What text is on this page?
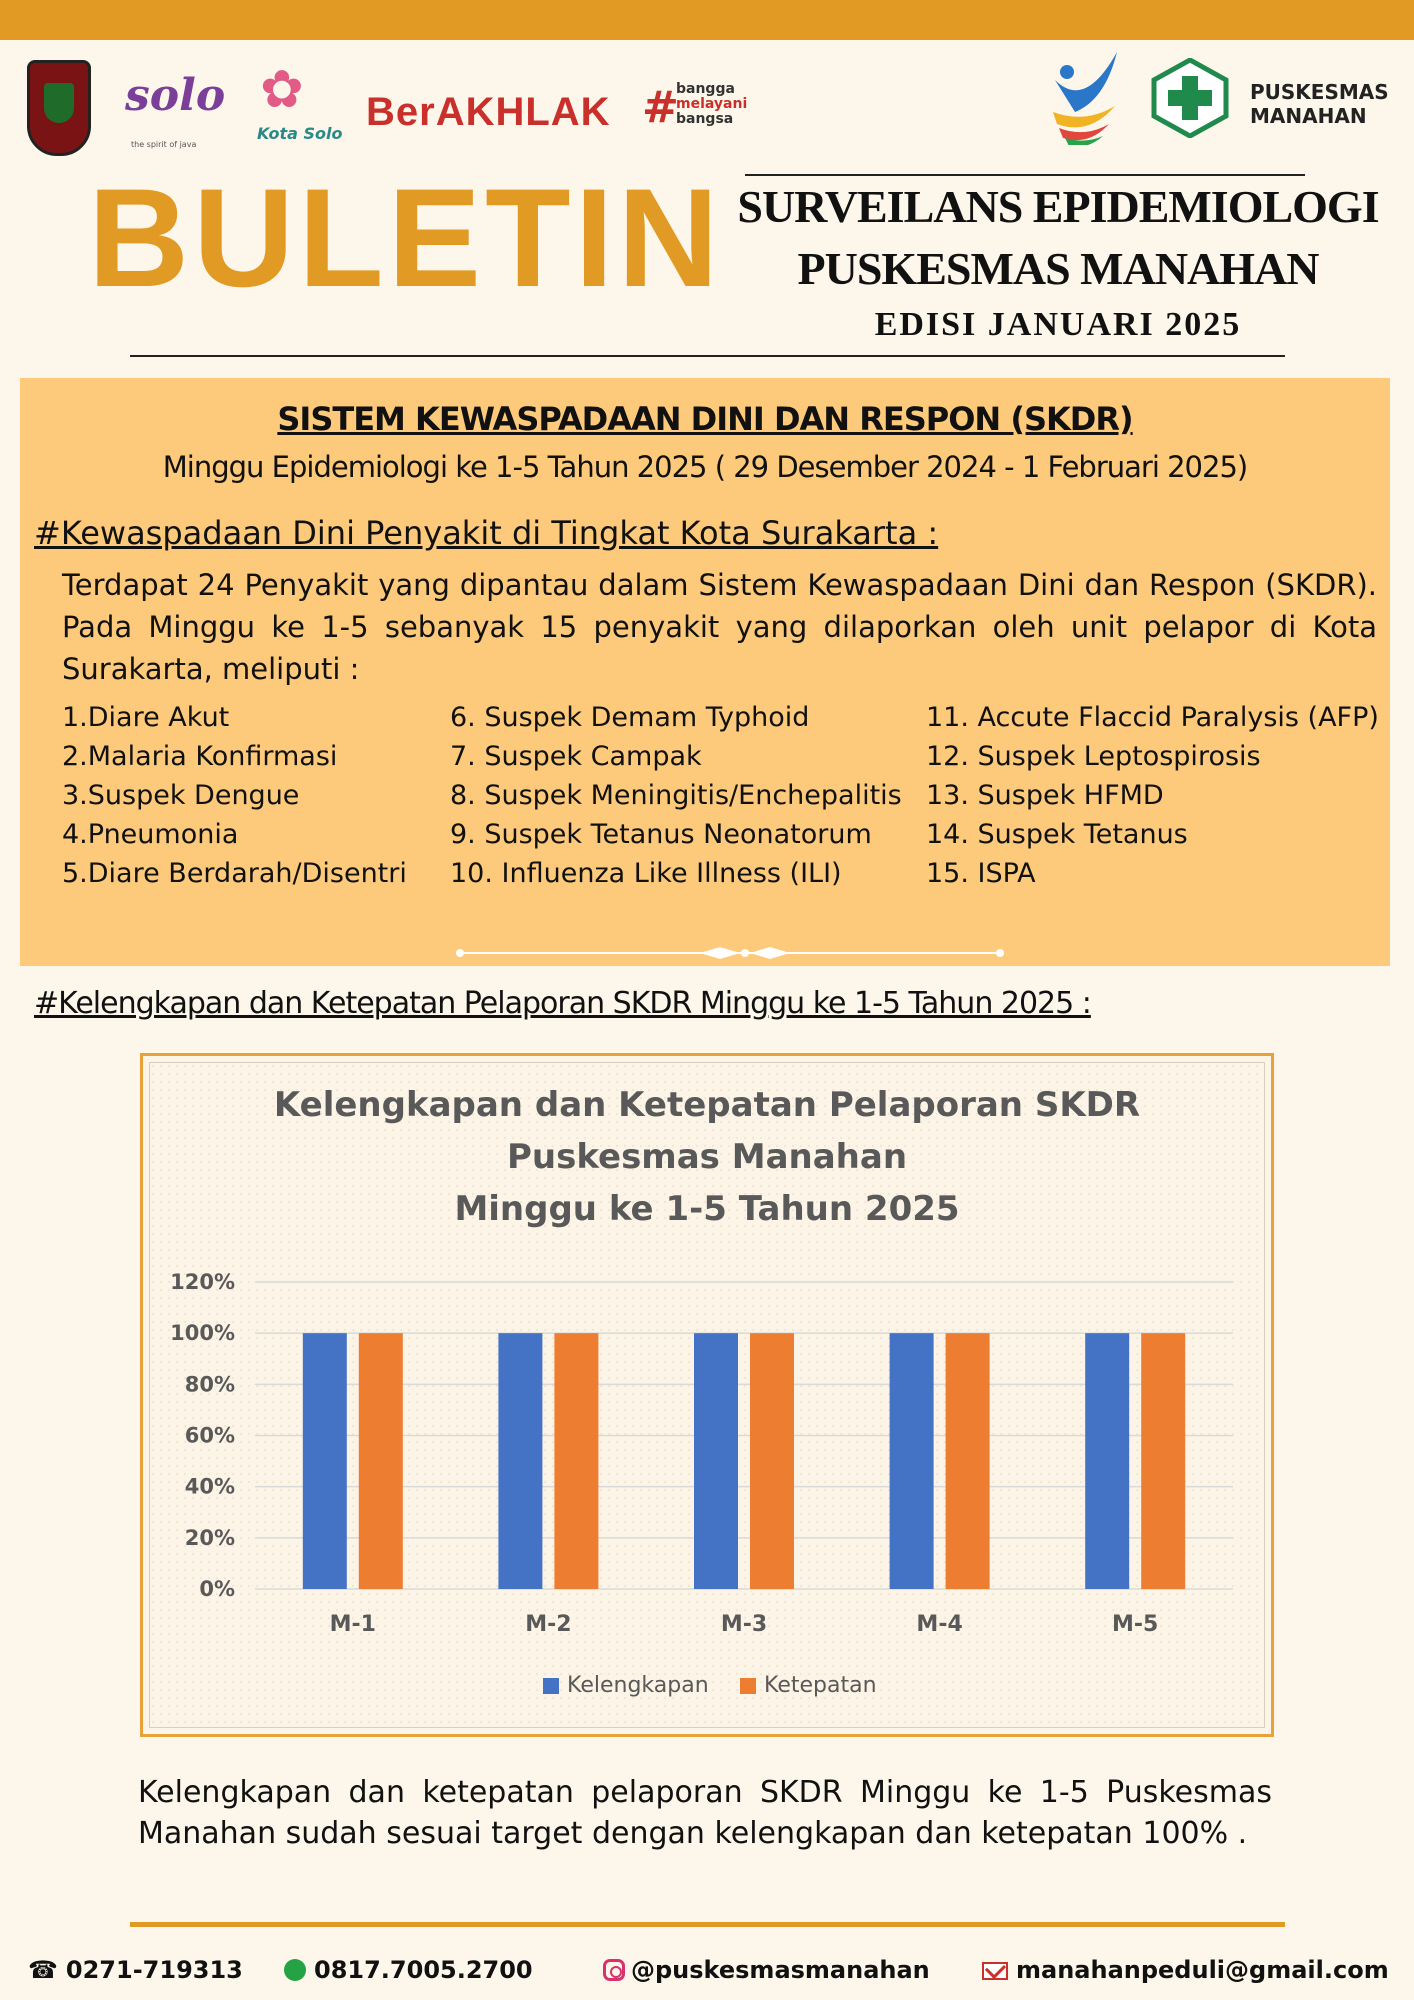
solo
the spirit of java
✿
Kota Solo BerAKHLAK #
bangga
melayani
bangsa
PUSKESMAS
MANAHAN
BULETIN SURVEILANS EPIDEMIOLOGI
PUSKESMAS MANAHAN
EDISI JANUARI 2025
SISTEM KEWASPADAAN DINI DAN RESPON (SKDR)
Minggu Epidemiologi ke 1-5 Tahun 2025 ( 29 Desember 2024 - 1 Februari 2025)
#Kewaspadaan Dini Penyakit di Tingkat Kota Surakarta :
Terdapat 24 Penyakit yang dipantau dalam Sistem Kewaspadaan Dini dan Respon (SKDR). Pada Minggu ke 1-5 sebanyak 15 penyakit yang dilaporkan oleh unit pelapor di Kota Surakarta, meliputi :
1.Diare Akut
2.Malaria Konfirmasi
3.Suspek Dengue
4.Pneumonia
5.Diare Berdarah/Disentri
6. Suspek Demam Typhoid
7. Suspek Campak
8. Suspek Meningitis/Enchepalitis
9. Suspek Tetanus Neonatorum
10. Influenza Like Illness (ILI)
11. Accute Flaccid Paralysis (AFP)
12. Suspek Leptospirosis
13. Suspek HFMD
14. Suspek Tetanus
15. ISPA
#Kelengkapan dan Ketepatan Pelaporan SKDR Minggu ke 1-5 Tahun 2025 :
Kelengkapan dan Ketepatan Pelaporan SKDR
Puskesmas Manahan
Minggu ke 1-5 Tahun 2025
0%
20%
40%
60%
80%
100%
120%
M-1	M-2	M-3	M-4	M-5
Kelengkapan	Ketepatan
Kelengkapan dan ketepatan pelaporan SKDR Minggu ke 1-5 Puskesmas Manahan sudah sesuai target dengan kelengkapan dan ketepatan 100% .
☎ 0271-719313	0817.7005.2700	@puskesmasmanahan	manahanpeduli@gmail.com
